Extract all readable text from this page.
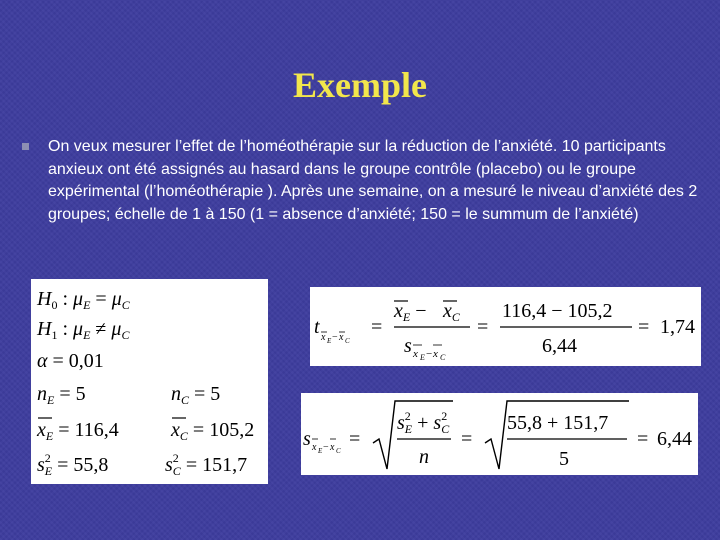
Exemple
On veux mesurer l’effet de l’homéothérapie sur la réduction de l’anxiété. 10 participants anxieux ont été assignés au hasard dans le groupe contrôle (placebo) ou le groupe expérimental (l’homéothérapie ). Après une semaine, on a mesuré le niveau d’anxiété des 2 groupes; échelle de 1 à 150 (1 = absence d’anxiété; 150 = le summum de l’anxiété)
$H_0$ : $\mu_E = \mu_C$
$H_1$ : $\mu_E \ne \mu_C$
α = 0,01
$n_E = 5$	$n_C = 5$
$x_E = 116,4$	$x_C = 105,2$
$s^2$ E = 55,8	$s^2$ C = 151,7
t x E − x C
=
$x_E - x_C$
s x E − x C
=
116,4 − 105,2
6,44
= 1,74
s x E − x C
=
$s^2$ $E + s^2$ C
n
=
55,8 + 151,7
5
= 6,44
